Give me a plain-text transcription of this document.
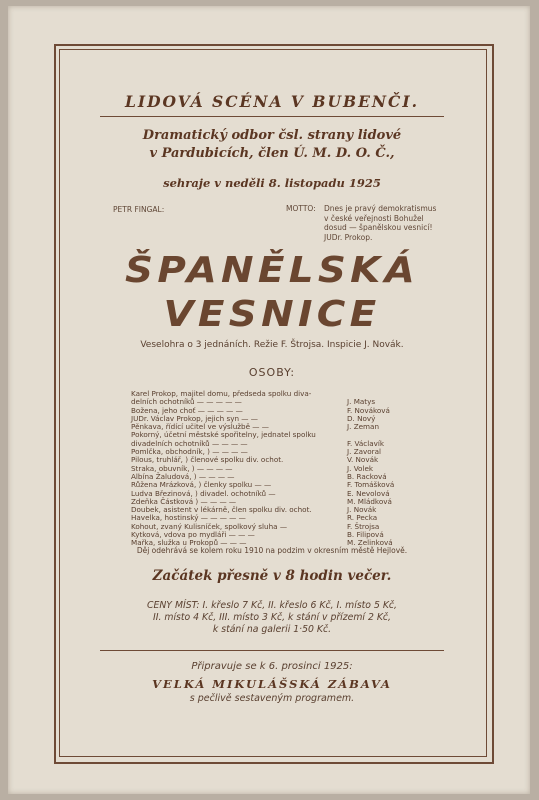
LIDOVÁ SCÉNA V BUBENČI.
Dramatický odbor čsl. strany lidové
v Pardubicích, člen Ú. M. D. O. Č.,
sehraje v neděli 8. listopadu 1925
PETR FINGAL:	MOTTO:	Dnes je pravý demokratismus
v české veřejnosti Bohužel
dosud — španělskou vesnicí!
JUDr. Prokop.
ŠPANĚLSKÁ
VESNICE
Veselohra o 3 jednáních. Režie F. Štrojsa. Inspicie J. Novák.
OSOBY:
Karel Prokop, majitel domu, předseda spolku diva-
delních ochotníků — — — — —	J. Matys
Božena, jeho choť — — — — —	F. Nováková
JUDr. Václav Prokop, jejich syn — —	D. Nový
Pěnkava, řídící učitel ve výslužbě — —	J. Zeman
Pokorný, účetní městské spořitelny, jednatel spolku
divadelních ochotníků — — — —	F. Václavík
Pomlčka, obchodník, ) — — — —	J. Zavoral
Pilous, truhlář, ) členové spolku div. ochot.	V. Novák
Straka, obuvník, ) — — — —	J. Volek
Albína Žaludová, ) — — — —	B. Racková
Růžena Mrázková, ) členky spolku — —	F. Tomášková
Ludva Březinová, ) divadel. ochotníků —	E. Nevolová
Zdeňka Částková ) — — — —	M. Mládková
Doubek, asistent v lékárně, člen spolku div. ochot.	J. Novák
Havelka, hostinský — — — — —	R. Pecka
Kohout, zvaný Kulisníček, spolkový sluha —	F. Štrojsa
Kytková, vdova po mydláři — — —	B. Filipová
Mařka, služka u Prokopů — — —	M. Zelinková
Děj odehrává se kolem roku 1910 na podzim v okresním městě Hejlově.
Začátek přesně v 8 hodin večer.
CENY MÍST: I. křeslo 7 Kč, II. křeslo 6 Kč, I. místo 5 Kč,
II. místo 4 Kč, III. místo 3 Kč, k stání v přízemí 2 Kč,
k stání na galerii 1·50 Kč.
Připravuje se k 6. prosinci 1925:
VELKÁ MIKULÁŠSKÁ ZÁBAVA
s pečlivě sestaveným programem.
